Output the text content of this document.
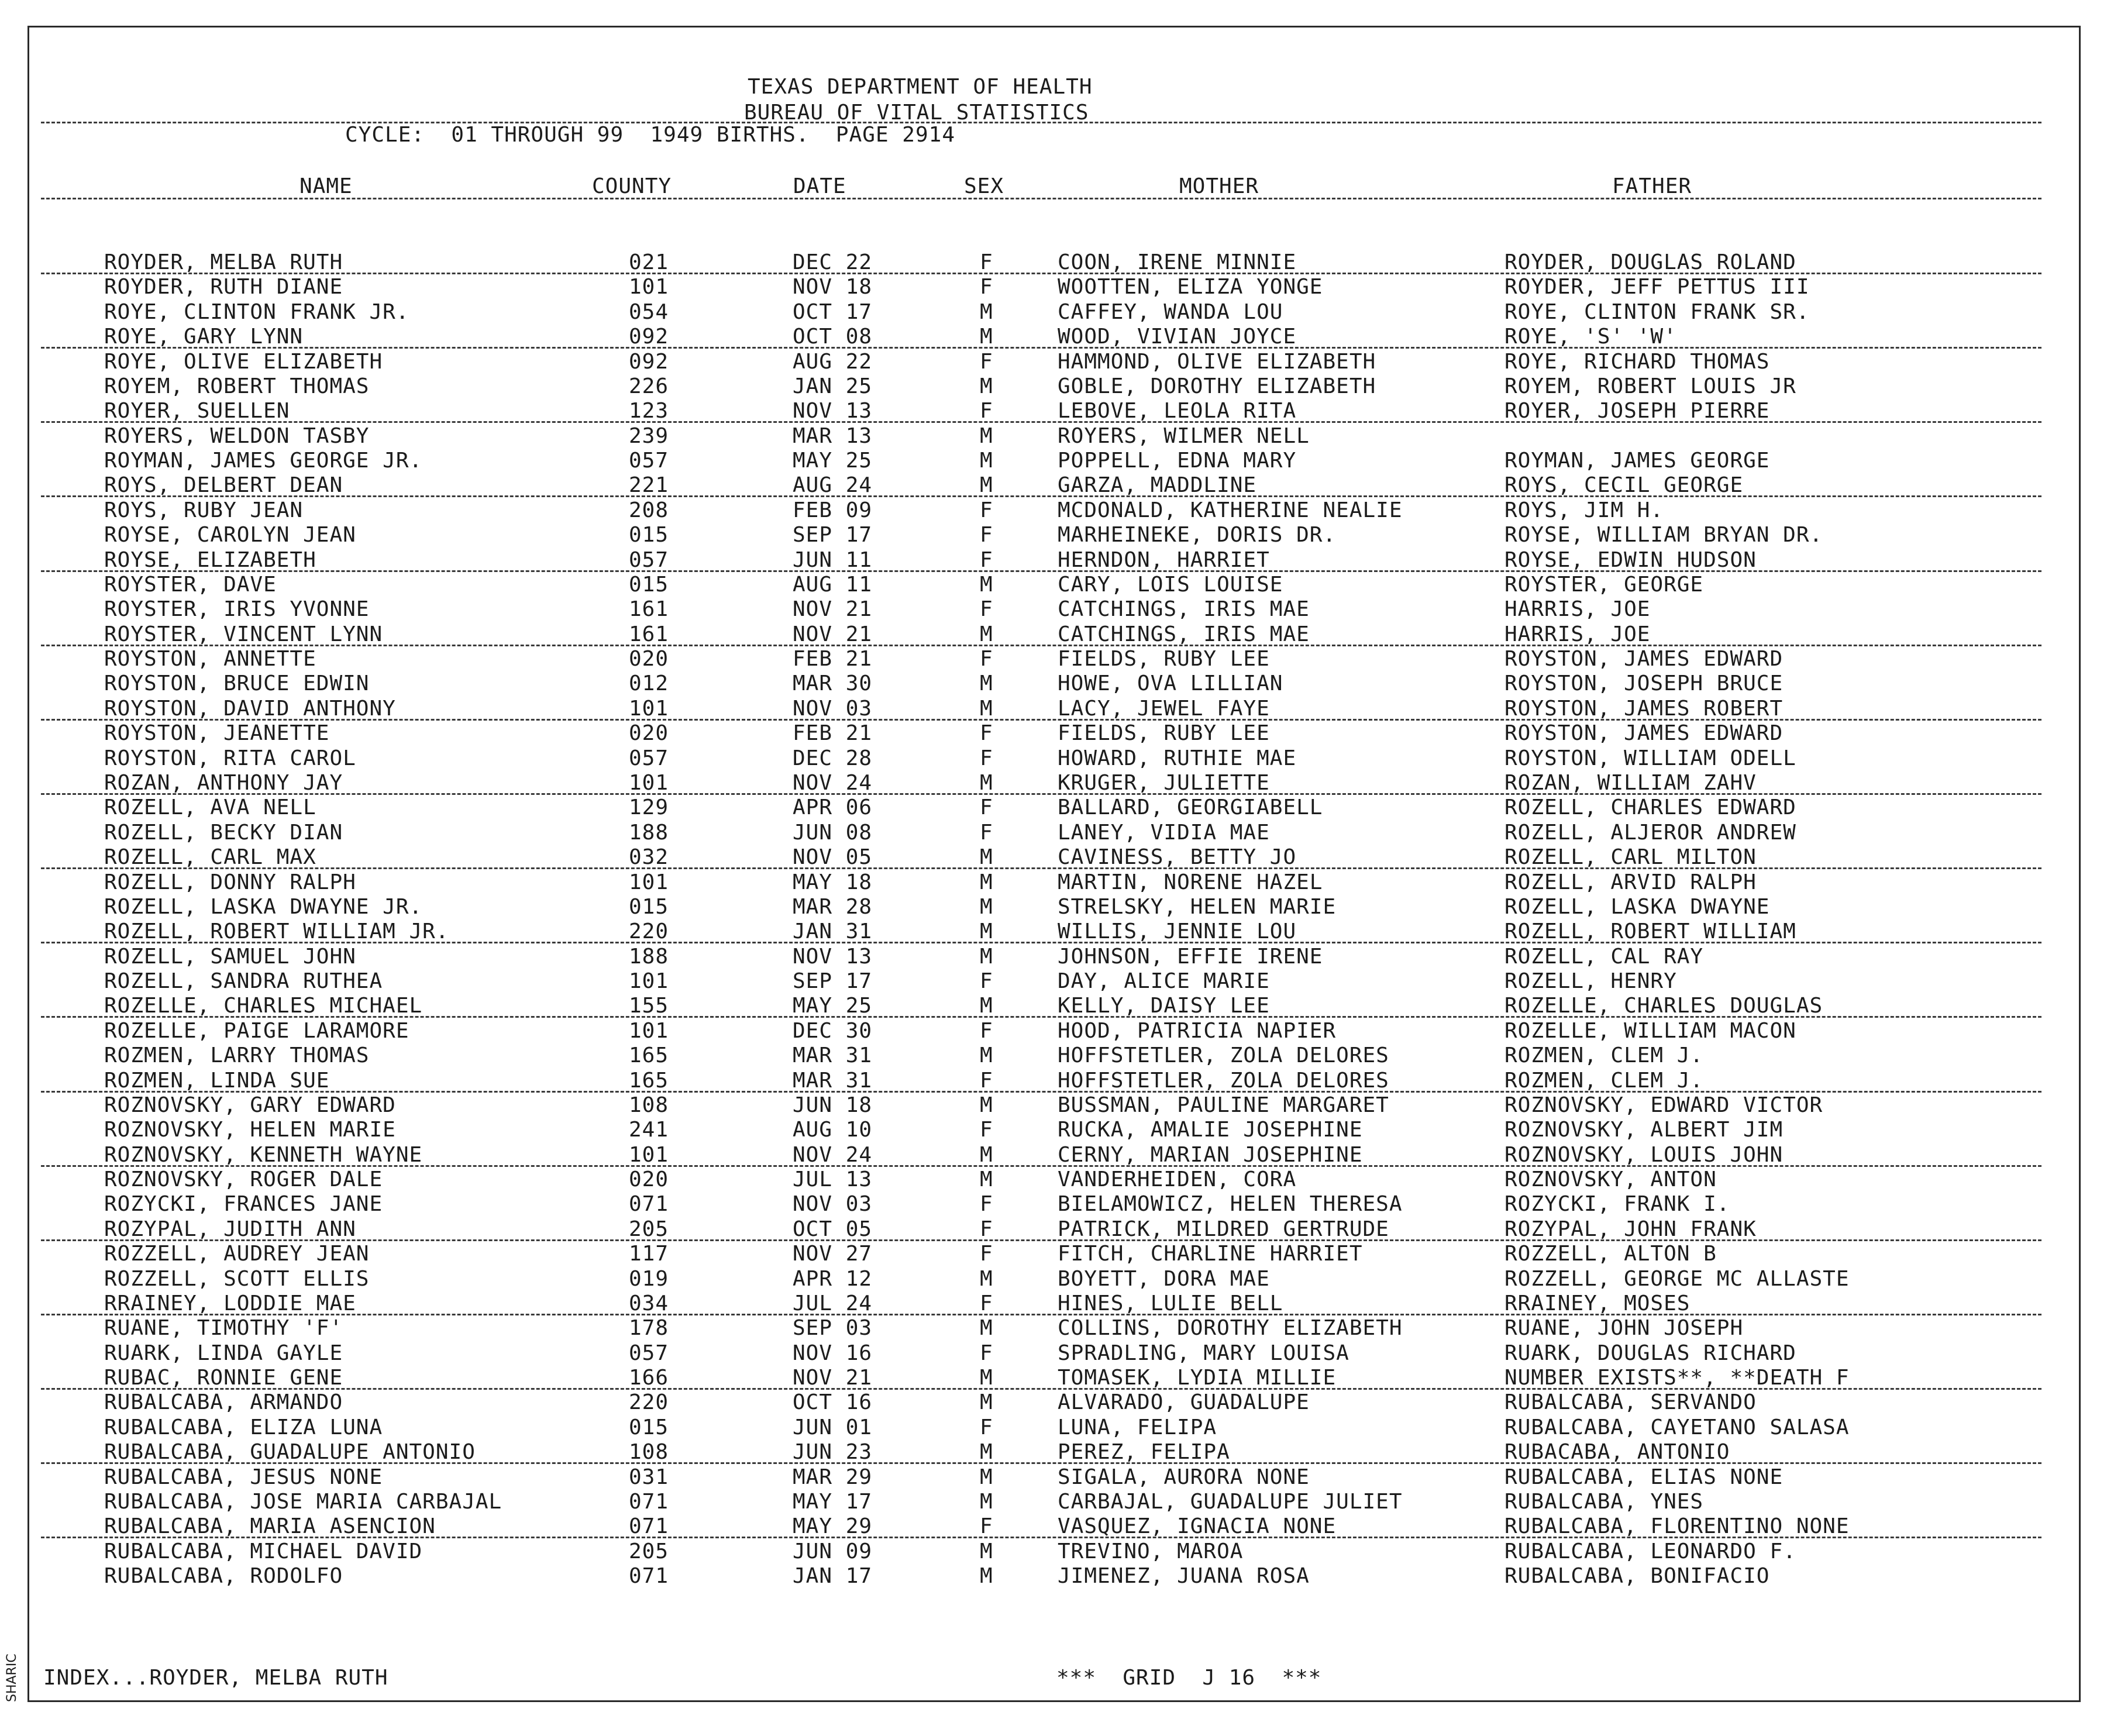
TEXAS DEPARTMENT OF HEALTH
BUREAU OF VITAL STATISTICS
CYCLE:  01 THROUGH 99  1949 BIRTHS.  PAGE 2914
NAME	COUNTY	DATE	SEX	MOTHER	FATHER
ROYDER, MELBA RUTH	021	DEC 22	F	COON, IRENE MINNIE	ROYDER, DOUGLAS ROLAND
ROYDER, RUTH DIANE	101	NOV 18	F	WOOTTEN, ELIZA YONGE	ROYDER, JEFF PETTUS III
ROYE, CLINTON FRANK JR.	054	OCT 17	M	CAFFEY, WANDA LOU	ROYE, CLINTON FRANK SR.
ROYE, GARY LYNN	092	OCT 08	M	WOOD, VIVIAN JOYCE	ROYE, 'S' 'W'
ROYE, OLIVE ELIZABETH	092	AUG 22	F	HAMMOND, OLIVE ELIZABETH	ROYE, RICHARD THOMAS
ROYEM, ROBERT THOMAS	226	JAN 25	M	GOBLE, DOROTHY ELIZABETH	ROYEM, ROBERT LOUIS JR
ROYER, SUELLEN	123	NOV 13	F	LEBOVE, LEOLA RITA	ROYER, JOSEPH PIERRE
ROYERS, WELDON TASBY	239	MAR 13	M	ROYERS, WILMER NELL
ROYMAN, JAMES GEORGE JR.	057	MAY 25	M	POPPELL, EDNA MARY	ROYMAN, JAMES GEORGE
ROYS, DELBERT DEAN	221	AUG 24	M	GARZA, MADDLINE	ROYS, CECIL GEORGE
ROYS, RUBY JEAN	208	FEB 09	F	MCDONALD, KATHERINE NEALIE	ROYS, JIM H.
ROYSE, CAROLYN JEAN	015	SEP 17	F	MARHEINEKE, DORIS DR.	ROYSE, WILLIAM BRYAN DR.
ROYSE, ELIZABETH	057	JUN 11	F	HERNDON, HARRIET	ROYSE, EDWIN HUDSON
ROYSTER, DAVE	015	AUG 11	M	CARY, LOIS LOUISE	ROYSTER, GEORGE
ROYSTER, IRIS YVONNE	161	NOV 21	F	CATCHINGS, IRIS MAE	HARRIS, JOE
ROYSTER, VINCENT LYNN	161	NOV 21	M	CATCHINGS, IRIS MAE	HARRIS, JOE
ROYSTON, ANNETTE	020	FEB 21	F	FIELDS, RUBY LEE	ROYSTON, JAMES EDWARD
ROYSTON, BRUCE EDWIN	012	MAR 30	M	HOWE, OVA LILLIAN	ROYSTON, JOSEPH BRUCE
ROYSTON, DAVID ANTHONY	101	NOV 03	M	LACY, JEWEL FAYE	ROYSTON, JAMES ROBERT
ROYSTON, JEANETTE	020	FEB 21	F	FIELDS, RUBY LEE	ROYSTON, JAMES EDWARD
ROYSTON, RITA CAROL	057	DEC 28	F	HOWARD, RUTHIE MAE	ROYSTON, WILLIAM ODELL
ROZAN, ANTHONY JAY	101	NOV 24	M	KRUGER, JULIETTE	ROZAN, WILLIAM ZAHV
ROZELL, AVA NELL	129	APR 06	F	BALLARD, GEORGIABELL	ROZELL, CHARLES EDWARD
ROZELL, BECKY DIAN	188	JUN 08	F	LANEY, VIDIA MAE	ROZELL, ALJEROR ANDREW
ROZELL, CARL MAX	032	NOV 05	M	CAVINESS, BETTY JO	ROZELL, CARL MILTON
ROZELL, DONNY RALPH	101	MAY 18	M	MARTIN, NORENE HAZEL	ROZELL, ARVID RALPH
ROZELL, LASKA DWAYNE JR.	015	MAR 28	M	STRELSKY, HELEN MARIE	ROZELL, LASKA DWAYNE
ROZELL, ROBERT WILLIAM JR.	220	JAN 31	M	WILLIS, JENNIE LOU	ROZELL, ROBERT WILLIAM
ROZELL, SAMUEL JOHN	188	NOV 13	M	JOHNSON, EFFIE IRENE	ROZELL, CAL RAY
ROZELL, SANDRA RUTHEA	101	SEP 17	F	DAY, ALICE MARIE	ROZELL, HENRY
ROZELLE, CHARLES MICHAEL	155	MAY 25	M	KELLY, DAISY LEE	ROZELLE, CHARLES DOUGLAS
ROZELLE, PAIGE LARAMORE	101	DEC 30	F	HOOD, PATRICIA NAPIER	ROZELLE, WILLIAM MACON
ROZMEN, LARRY THOMAS	165	MAR 31	M	HOFFSTETLER, ZOLA DELORES	ROZMEN, CLEM J.
ROZMEN, LINDA SUE	165	MAR 31	F	HOFFSTETLER, ZOLA DELORES	ROZMEN, CLEM J.
ROZNOVSKY, GARY EDWARD	108	JUN 18	M	BUSSMAN, PAULINE MARGARET	ROZNOVSKY, EDWARD VICTOR
ROZNOVSKY, HELEN MARIE	241	AUG 10	F	RUCKA, AMALIE JOSEPHINE	ROZNOVSKY, ALBERT JIM
ROZNOVSKY, KENNETH WAYNE	101	NOV 24	M	CERNY, MARIAN JOSEPHINE	ROZNOVSKY, LOUIS JOHN
ROZNOVSKY, ROGER DALE	020	JUL 13	M	VANDERHEIDEN, CORA	ROZNOVSKY, ANTON
ROZYCKI, FRANCES JANE	071	NOV 03	F	BIELAMOWICZ, HELEN THERESA	ROZYCKI, FRANK I.
ROZYPAL, JUDITH ANN	205	OCT 05	F	PATRICK, MILDRED GERTRUDE	ROZYPAL, JOHN FRANK
ROZZELL, AUDREY JEAN	117	NOV 27	F	FITCH, CHARLINE HARRIET	ROZZELL, ALTON B
ROZZELL, SCOTT ELLIS	019	APR 12	M	BOYETT, DORA MAE	ROZZELL, GEORGE MC ALLASTE
RRAINEY, LODDIE MAE	034	JUL 24	F	HINES, LULIE BELL	RRAINEY, MOSES
RUANE, TIMOTHY 'F'	178	SEP 03	M	COLLINS, DOROTHY ELIZABETH	RUANE, JOHN JOSEPH
RUARK, LINDA GAYLE	057	NOV 16	F	SPRADLING, MARY LOUISA	RUARK, DOUGLAS RICHARD
RUBAC, RONNIE GENE	166	NOV 21	M	TOMASEK, LYDIA MILLIE	NUMBER EXISTS**, **DEATH F
RUBALCABA, ARMANDO	220	OCT 16	M	ALVARADO, GUADALUPE	RUBALCABA, SERVANDO
RUBALCABA, ELIZA LUNA	015	JUN 01	F	LUNA, FELIPA	RUBALCABA, CAYETANO SALASA
RUBALCABA, GUADALUPE ANTONIO	108	JUN 23	M	PEREZ, FELIPA	RUBACABA, ANTONIO
RUBALCABA, JESUS NONE	031	MAR 29	M	SIGALA, AURORA NONE	RUBALCABA, ELIAS NONE
RUBALCABA, JOSE MARIA CARBAJAL	071	MAY 17	M	CARBAJAL, GUADALUPE JULIET	RUBALCABA, YNES
RUBALCABA, MARIA ASENCION	071	MAY 29	F	VASQUEZ, IGNACIA NONE	RUBALCABA, FLORENTINO NONE
RUBALCABA, MICHAEL DAVID	205	JUN 09	M	TREVINO, MAROA	RUBALCABA, LEONARDO F.
RUBALCABA, RODOLFO	071	JAN 17	M	JIMENEZ, JUANA ROSA	RUBALCABA, BONIFACIO
INDEX...ROYDER, MELBA RUTH	***  GRID  J 16  ***
SHARIC
